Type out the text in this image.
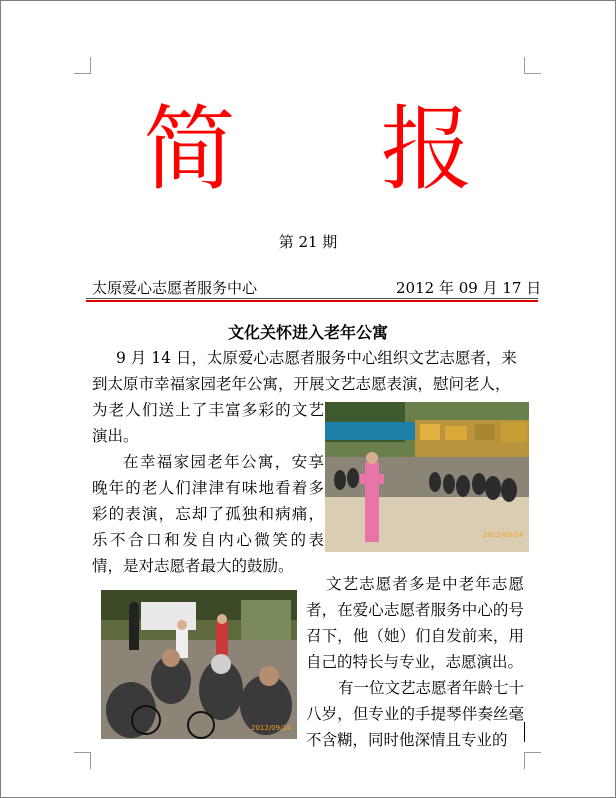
简 报
第 21 期
太原爱心志愿者服务中心	2012 年 09 月 17 日
文化关怀进入老年公寓
9 月 14 日，太原爱心志愿者服务中心组织文艺志愿者，来
到太原市幸福家园老年公寓，开展文艺志愿表演，慰问老人，
为老人们送上了丰富多彩的文艺演出。
在幸福家园老年公寓，安享晚年的老人们津津有味地看着多彩的表演，忘却了孤独和病痛，乐不合口和发自内心微笑的表情，是对志愿者最大的鼓励。
2012/09/14
2012/09/14
文艺志愿者多是中老年志愿者，在爱心志愿者服务中心的号召下，他（她）们自发前来，用自己的特长与专业，志愿演出。
有一位文艺志愿者年龄七十八岁，但专业的手提琴伴奏丝毫不含糊，同时他深情且专业的
